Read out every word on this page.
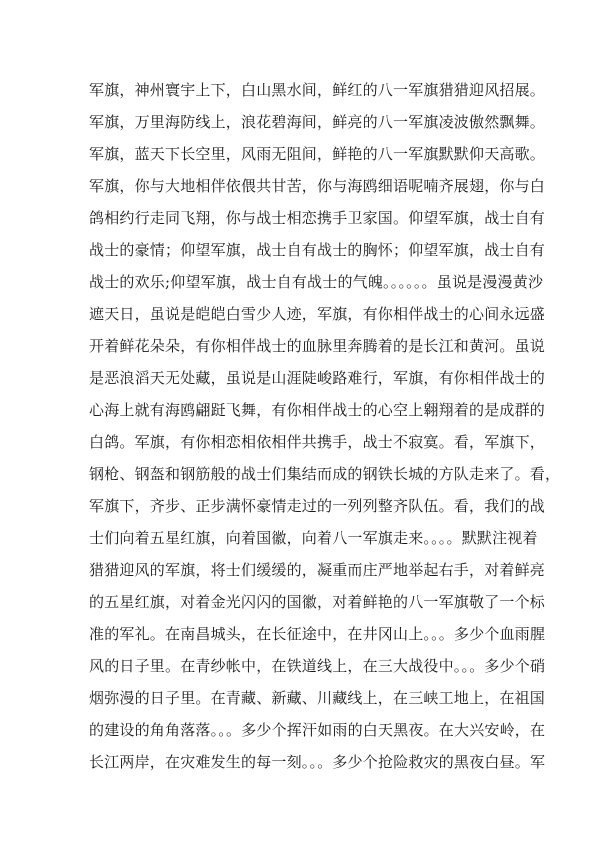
军旗，神州寰宇上下，白山黑水间，鲜红的八一军旗猎猎迎风招展。
军旗，万里海防线上，浪花碧海间，鲜亮的八一军旗凌波傲然飘舞。
军旗，蓝天下长空里，风雨无阻间，鲜艳的八一军旗默默仰天高歌。
军旗，你与大地相伴依偎共甘苦，你与海鸥细语呢喃齐展翅，你与白
鸽相约行走同飞翔，你与战士相恋携手卫家国。仰望军旗，战士自有
战士的豪情；仰望军旗，战士自有战士的胸怀；仰望军旗，战士自有
战士的欢乐;仰望军旗，战士自有战士的气魄。。。。。。虽说是漫漫黄沙
遮天日，虽说是皑皑白雪少人迹，军旗，有你相伴战士的心间永远盛
开着鲜花朵朵，有你相伴战士的血脉里奔腾着的是长江和黄河。虽说
是恶浪滔天无处藏，虽说是山涯陡峻路难行，军旗，有你相伴战士的
心海上就有海鸥翩跹飞舞，有你相伴战士的心空上翱翔着的是成群的
白鸽。军旗，有你相恋相依相伴共携手，战士不寂寞。看，军旗下，
钢枪、钢盔和钢筋般的战士们集结而成的钢铁长城的方队走来了。看，
军旗下，齐步、正步满怀豪情走过的一列列整齐队伍。看，我们的战
士们向着五星红旗，向着国徽，向着八一军旗走来。。。。默默注视着
猎猎迎风的军旗，将士们缓缓的，凝重而庄严地举起右手，对着鲜亮
的五星红旗，对着金光闪闪的国徽，对着鲜艳的八一军旗敬了一个标
准的军礼。在南昌城头，在长征途中，在井冈山上。。。多少个血雨腥
风的日子里。在青纱帐中，在铁道线上，在三大战役中。。。多少个硝
烟弥漫的日子里。在青藏、新藏、川藏线上，在三峡工地上，在祖国
的建设的角角落落。。。多少个挥汗如雨的白天黑夜。在大兴安岭，在
长江两岸，在灾难发生的每一刻。。。多少个抢险救灾的黑夜白昼。军
